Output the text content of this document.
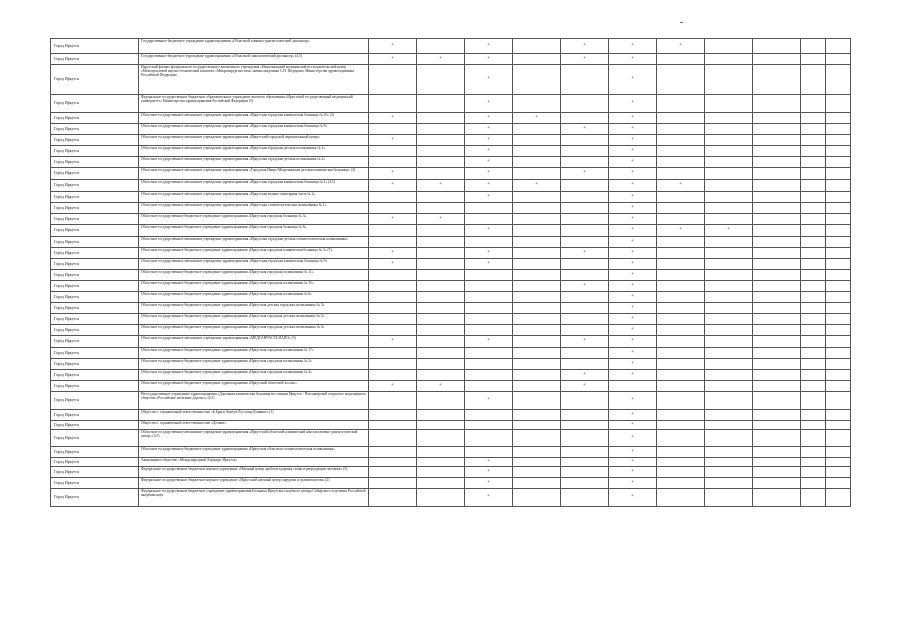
Город Иркутск	Государственное бюджетное учреждение здравоохранения «Областной клинико-диагностический диспансер»	+		+		+	+	+						
Город Иркутск	Государственное бюджетное учреждение здравоохранения «Областной онкологический диспансер» (4,5)	+	+	+		+	+							
Город Иркутск	Иркутский филиал федерального государственного автономного учреждения «Национальный медицинский исследовательский центр «Межотраслевой научно-технический комплекс «Микрохирургия глаза» имени академика С.Н. Федорова» Министерства здравоохранения Российской Федерации			+			+							
Город Иркутск	Федеральное государственное бюджетное образовательное учреждение высшего образования «Иркутский государственный медицинский университет» Министерства здравоохранения Российской Федерации (5)			+			+							
Город Иркутск	Областное государственное автономное учреждение здравоохранения «Иркутская городская клиническая больница № 10» (5)	+		+	+		+							
Город Иркутск	Областное государственное автономное учреждение здравоохранения «Иркутская городская клиническая больница № 8»			+		+	+							
Город Иркутск	Областное государственное автономное учреждение здравоохранения «Иркутский городской перинатальный центр»	+		+			+							
Город Иркутск	Областное государственное автономное учреждение здравоохранения «Иркутская городская детская поликлиника № 1»			+			+							
Город Иркутск	Областное государственное автономное учреждение здравоохранения «Иркутская городская детская поликлиника № 2»			+			+							
Город Иркутск	Областное государственное автономное учреждение здравоохранения «Городская Ивано-Матренинская детская клиническая больница» (4)	+		+		+	+							
Город Иркутск	Областное государственное автономное учреждение здравоохранения «Иркутская городская клиническая больница № 1» (4,5)	+	+	+	+		+	+						
Город Иркутск	Областное государственное автономное учреждение здравоохранения «Иркутская медико-санитарная часть № 2»			+			+							
Город Иркутск	Областное государственное автономное учреждение здравоохранения «Иркутская стоматологическая поликлиника № 1»						+							
Город Иркутск	Областное государственное бюджетное учреждение здравоохранения «Иркутская городская больница № 3»	+	+				+							
Город Иркутск	Областное государственное бюджетное учреждение здравоохранения «Иркутская городская больница № 6»			+			+	+	+					
Город Иркутск	Областное государственное автономное учреждение здравоохранения «Иркутская городская детская стоматологическая поликлиника»						+							
Город Иркутск	Областное государственное бюджетное учреждение здравоохранения «Иркутская городская клиническая больница № 3» (5)	+		+		+	+							
Город Иркутск	Областное государственное автономное учреждение здравоохранения «Иркутская городская клиническая больница № 9»	+		+			+							
Город Иркутск	Областное государственное бюджетное учреждение здравоохранения «Иркутская городская поликлиника № 11»						+							
Город Иркутск	Областное государственное бюджетное учреждение здравоохранения «Иркутская городская поликлиника № 15»					+	+							
Город Иркутск	Областное государственное бюджетное учреждение здравоохранения «Иркутская городская поликлиника № 6»						+							
Город Иркутск	Областное государственное бюджетное учреждение здравоохранения «Иркутская детская городская поликлиника № 3»						+							
Город Иркутск	Областное государственное бюджетное учреждение здравоохранения «Иркутская городская детская поликлиника № 5»						+							
Город Иркутск	Областное государственное бюджетное учреждение здравоохранения «Иркутская городская детская поликлиника № 6»						+							
Город Иркутск	Областное государственное автономное учреждение здравоохранения «МЕДСАНЧАСТЬ ИАПО» (5)	+		+		+	+							
Город Иркутск	Областное государственное бюджетное учреждение здравоохранения «Иркутская городская поликлиника № 17»						+							
Город Иркутск	Областное государственное бюджетное учреждение здравоохранения «Иркутская городская поликлиника № 2»						+							
Город Иркутск	Областное государственное бюджетное учреждение здравоохранения «Иркутская городская поликлиника № 4»					+	+							
Город Иркутск	Областное государственное бюджетное учреждение здравоохранения «Иркутский областной хоспис»	+	+			+								
Город Иркутск	Негосударственное учреждение здравоохранения «Дорожная клиническая больница на станции Иркутск - Пассажирский открытого акционерного общества «Российские железные дороги»» (4,5)			+			+							
Город Иркутск	Общество с ограниченной ответственностью «Б.Браун Авитум Руссланд Клиникс» (1)						+							
Город Иркутск	Общество с ограниченной ответственностью «Делмит»						+							
Город Иркутск	Областное государственное автономное учреждение здравоохранения «Иркутский областной клинический консультативно-диагностический центр» (4,5)						+							
Город Иркутск	Областное государственное бюджетное учреждение здравоохранения «Иркутская областная стоматологическая поликлиника»						+							
Город Иркутск	Акционерное общество «Международный Аэропорт Иркутск»			+			+							
Город Иркутск	Федеральное государственное бюджетное научное учреждение «Научный центр проблем здоровья семьи и репродукции человека» (5)			+			+							
Город Иркутск	Федеральное государственное бюджетное научное учреждение «Иркутский научный центр хирургии и травматологии» (2)			+			+							
Город Иркутск	Федеральное государственное бюджетное учреждение здравоохранения Больница Иркутского научного центра Сибирского отделения Российской академии наук			+			+							
